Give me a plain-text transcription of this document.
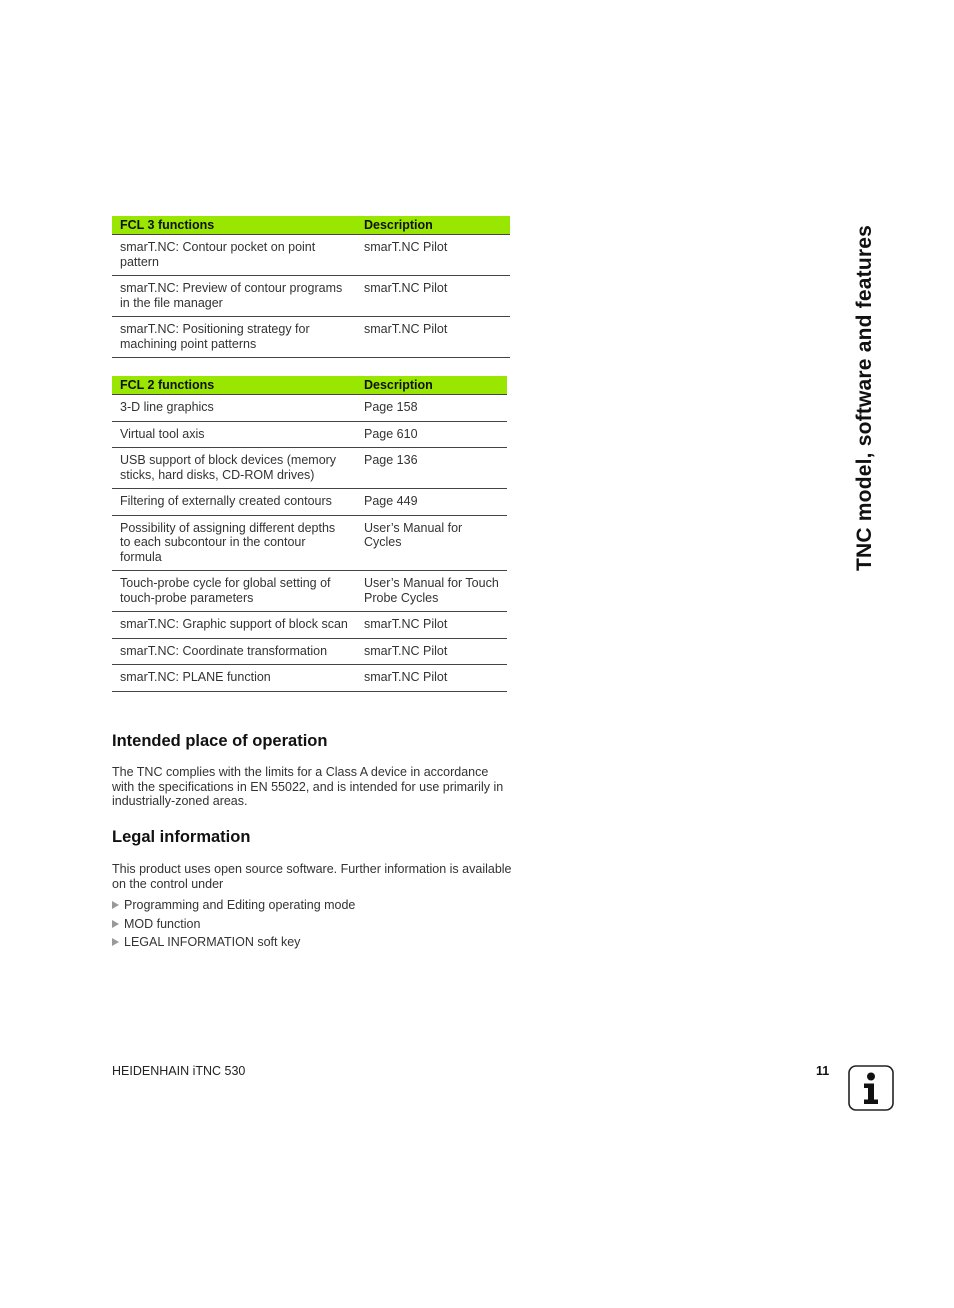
FCL 3 functions	Description
smarT.NC: Contour pocket on point pattern	smarT.NC Pilot
smarT.NC: Preview of contour programs in the file manager	smarT.NC Pilot
smarT.NC: Positioning strategy for machining point patterns	smarT.NC Pilot
FCL 2 functions	Description
3-D line graphics	Page 158
Virtual tool axis	Page 610
USB support of block devices (memory sticks, hard disks, CD-ROM drives)	Page 136
Filtering of externally created contours	Page 449
Possibility of assigning different depths to each subcontour in the contour formula	User’s Manual for Cycles
Touch-probe cycle for global setting of touch-probe parameters	User’s Manual for Touch Probe Cycles
smarT.NC: Graphic support of block scan	smarT.NC Pilot
smarT.NC: Coordinate transformation	smarT.NC Pilot
smarT.NC: PLANE function	smarT.NC Pilot
Intended place of operation

The TNC complies with the limits for a Class A device in accordance with the specifications in EN 55022, and is intended for use primarily in industrially-zoned areas.

Legal information

This product uses open source software. Further information is available on the control under

Programming and Editing operating mode
MOD function
LEGAL INFORMATION soft key
TNC model, software and features
HEIDENHAIN iTNC 530	11
